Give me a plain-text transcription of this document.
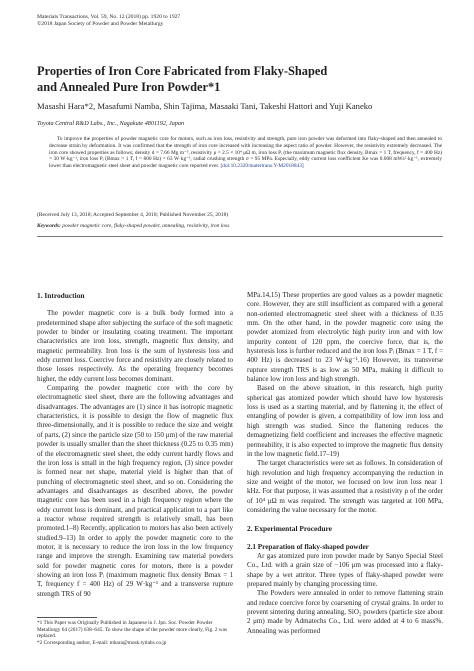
Materials Transactions, Vol. 59, No. 12 (2018) pp. 1920 to 1927
©2018 Japan Society of Powder and Powder Metallurgy
Properties of Iron Core Fabricated from Flaky-Shaped
and Annealed Pure Iron Powder*1
Masashi Hara*2, Masafumi Namba, Shin Tajima, Masaaki Tani, Takeshi Hattori and Yuji Kaneko
Toyota Central R&D Labs., Inc., Nagakute 4801192, Japan

To improve the properties of powder magnetic core for motors, such as iron loss, resistivity and strength, pure iron powder was deformed into flaky-shaped and then annealed to decrease strain by deformation. It was confirmed that the strength of iron core increased with increasing the aspect ratio of powder. However, the resistivity extremely decreased. The iron core showed properties as follows; density d = 7.66 Mg m⁻³, resistivity ρ = 2.5 × 10⁴ μΩ m, iron loss Pᵢ (the maximum magnetic flux density, Bmax = 1 T, frequency, f = 400 Hz) = 30 W·kg⁻¹, iron loss Pᵢ (Bmax = 1 T, f = 800 Hz) = 63 W·kg⁻¹, radial crushing strength σ = 95 MPa. Especially, eddy current loss coefficient Ke was 0.008 mWs²·kg⁻¹, extremely lower than electromagnetic steel sheet and powder magnetic core reported ever. [doi:10.2320/matertrans.Y-M2018843]

(Received July 13, 2018; Accepted September 4, 2018; Published November 25, 2018)
Keywords: powder magnetic core, flaky-shaped powder, annealing, resistivity, iron loss

1. Introduction

The powder magnetic core is a bulk body formed into a predetermined shape after subjecting the surface of the soft magnetic powder to binder or insulating coating treatment. The important characteristics are iron loss, strength, magnetic flux density, and magnetic permeability. Iron loss is the sum of hysteresis loss and eddy current loss. Coercive force and resistivity are closely related to those losses respectively. As the operating frequency becomes higher, the eddy current loss becomes dominant.

Comparing the powder magnetic core with the core by electromagnetic steel sheet, there are the following advantages and disadvantages. The advantages are (1) since it has isotropic magnetic characteristics, it is possible to design the flow of magnetic flux three-dimensionally, and it is possible to reduce the size and weight of parts, (2) since the particle size (50 to 150 μm) of the raw material powder is usually smaller than the sheet thickness (0.25 to 0.35 mm) of the electromagnetic steel sheet, the eddy current hardly flows and the iron loss is small in the high frequency region, (3) since powder is formed near net shape, material yield is higher than that of punching of electromagnetic steel sheet, and so on. Considering the advantages and disadvantages as described above, the powder magnetic core has been used in a high frequency region where the eddy current loss is dominant, and practical application to a part like a reactor whose required strength is relatively small, has been promoted.1–8) Recently, application to motors has also been actively studied.9–13) In order to apply the powder magnetic core to the motor, it is necessary to reduce the iron loss in the low frequency range and improve the strength. Examining raw material powders sold for powder magnetic cores for motors, there is a powder showing an iron loss Pᵢ (maximum magnetic flux density Bmax = 1 T, frequency f = 400 Hz) of 29 W·kg⁻¹ and a transverse rupture strength TRS of 90

*1 This Paper was Originally Published in Japanese in J. Jpn. Soc. Powder Powder Metallurgy 64 (2017) 638–645. To show the shape of the powder more clearly, Fig. 2 was replaced.

*2 Corresponding author, E-mail: mhara@mosk.tytlabs.co.jp

MPa.14,15) These properties are good values as a powder magnetic core. However, they are still insufficient as compared with a general non-oriented electromagnetic steel sheet with a thickness of 0.35 mm. On the other hand, in the powder magnetic core using the powder atomized from electrolytic high purity iron and with low impurity content of 120 ppm, the coercive force, that is, the hysteresis loss is further reduced and the iron loss Pᵢ (Bmax = 1 T, f = 400 Hz) is decreased to 23 W·kg⁻¹.16) However, its transverse rupture strength TRS is as low as 50 MPa, making it difficult to balance low iron loss and high strength.

Based on the above situation, in this research, high purity spherical gas atomized powder which should have low hysteresis loss is used as a starting material, and by flattening it, the effect of entangling of powder is given, a compatibility of low iron loss and high strength was studied. Since the flattening reduces the demagnetizing field coefficient and increases the effective magnetic permeability, it is also expected to improve the magnetic flux density in the low magnetic field.17–19)

The target characteristics were set as follows. In consideration of high revolution and high frequency accompanying the reduction in size and weight of the motor, we focused on low iron loss near 1 kHz. For that purpose, it was assumed that a resistivity ρ of the order of 10⁴ μΩ m was required. The strength was targeted at 100 MPa, considering the value necessary for the motor.

2. Experimental Procedure

2.1 Preparation of flaky-shaped powder

Ar gas atomized pure iron powder made by Sanyo Special Steel Co., Ltd. with a grain size of −106 μm was processed into a flaky-shape by a wet attritor. Three types of flaky-shaped powder were prepared mainly by changing processing time.

The Powders were annealed in order to remove flattening strain and reduce coercive force by coarsening of crystal grains. In order to prevent sintering during annealing, SiO₂ powders (particle size about 2 μm) made by Admatechs Co., Ltd. were added at 4 to 6 mass%. Annealing was performed
